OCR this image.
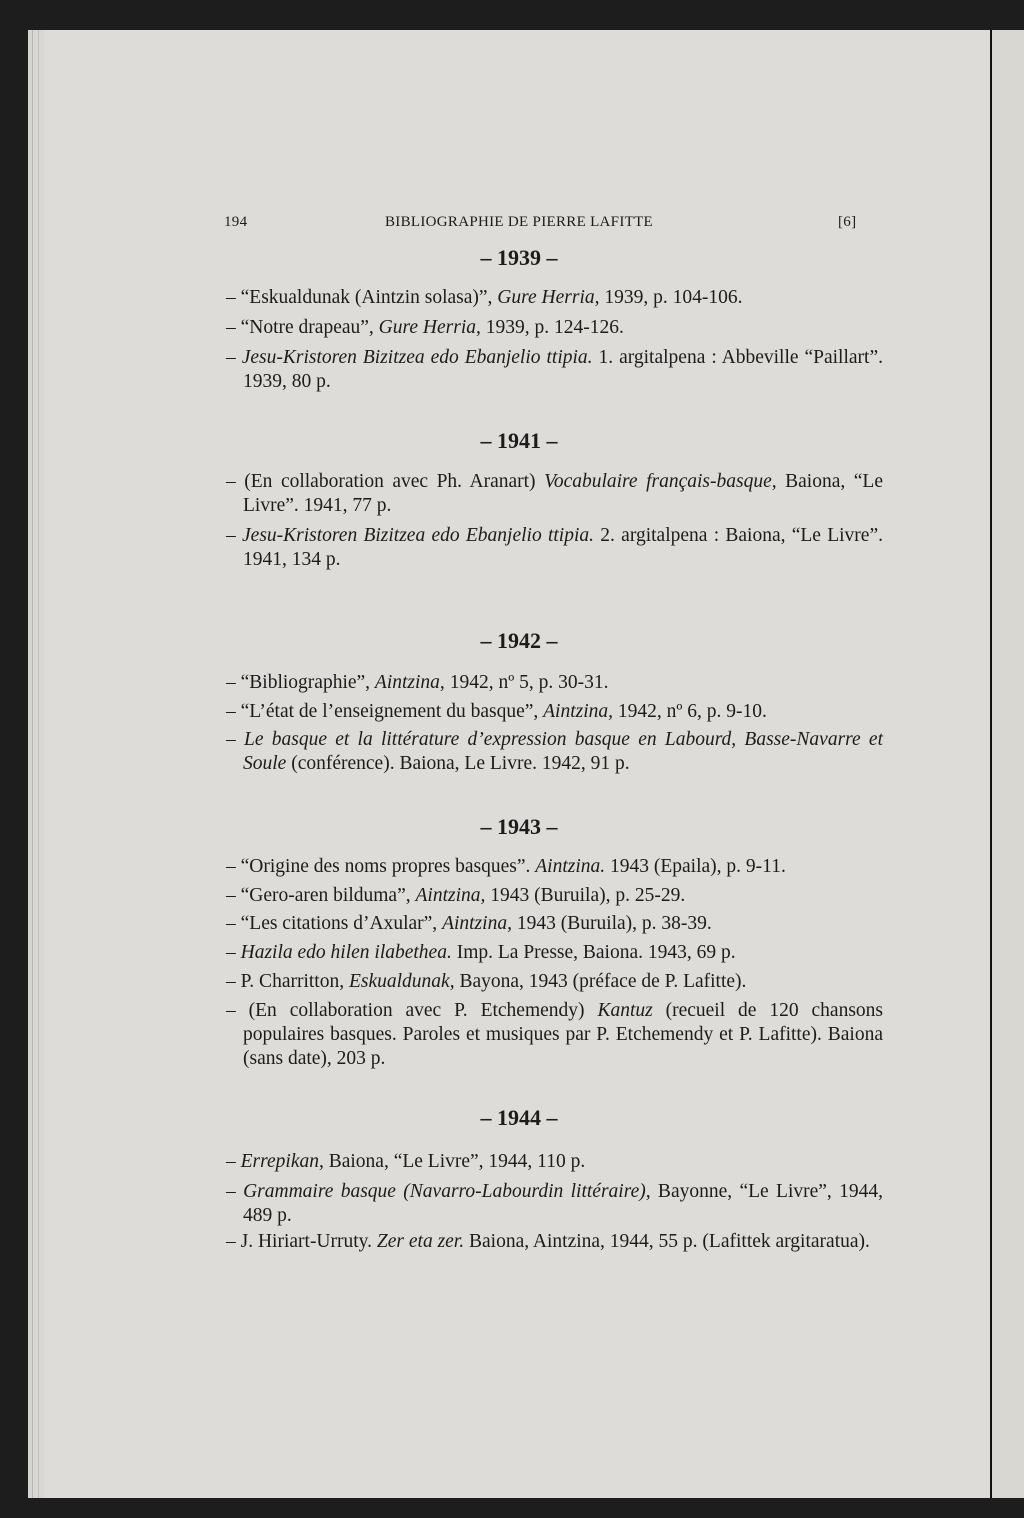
BIBLIOGRAPHIE DE PIERRE LAFITTE
194	[6]
– 1939 –
– “Eskualdunak (Aintzin solasa)”, Gure Herria, 1939, p. 104-106.
– “Notre drapeau”, Gure Herria, 1939, p. 124-126.
– Jesu-Kristoren Bizitzea edo Ebanjelio ttipia. 1. argitalpena : Abbeville “Paillart”. 1939, 80 p.
– 1941 –
– (En collaboration avec Ph. Aranart) Vocabulaire français-basque, Baiona, “Le Livre”. 1941, 77 p.
– Jesu-Kristoren Bizitzea edo Ebanjelio ttipia. 2. argitalpena : Baiona, “Le Livre”. 1941, 134 p.
– 1942 –
– “Bibliographie”, Aintzina, 1942, nº 5, p. 30-31.
– “L’état de l’enseignement du basque”, Aintzina, 1942, nº 6, p. 9-10.
– Le basque et la littérature d’expression basque en Labourd, Basse-Navarre et Soule (conférence). Baiona, Le Livre. 1942, 91 p.
– 1943 –
– “Origine des noms propres basques”. Aintzina. 1943 (Epaila), p. 9-11.
– “Gero-aren bilduma”, Aintzina, 1943 (Buruila), p. 25-29.
– “Les citations d’Axular”, Aintzina, 1943 (Buruila), p. 38-39.
– Hazila edo hilen ilabethea. Imp. La Presse, Baiona. 1943, 69 p.
– P. Charritton, Eskualdunak, Bayona, 1943 (préface de P. Lafitte).
– (En collaboration avec P. Etchemendy) Kantuz (recueil de 120 chansons populaires basques. Paroles et musiques par P. Etchemendy et P. Lafitte). Baiona (sans date), 203 p.
– 1944 –
– Errepikan, Baiona, “Le Livre”, 1944, 110 p.
– Grammaire basque (Navarro-Labourdin littéraire), Bayonne, “Le Livre”, 1944, 489 p.
– J. Hiriart-Urruty. Zer eta zer. Baiona, Aintzina, 1944, 55 p. (Lafittek argitaratua).
